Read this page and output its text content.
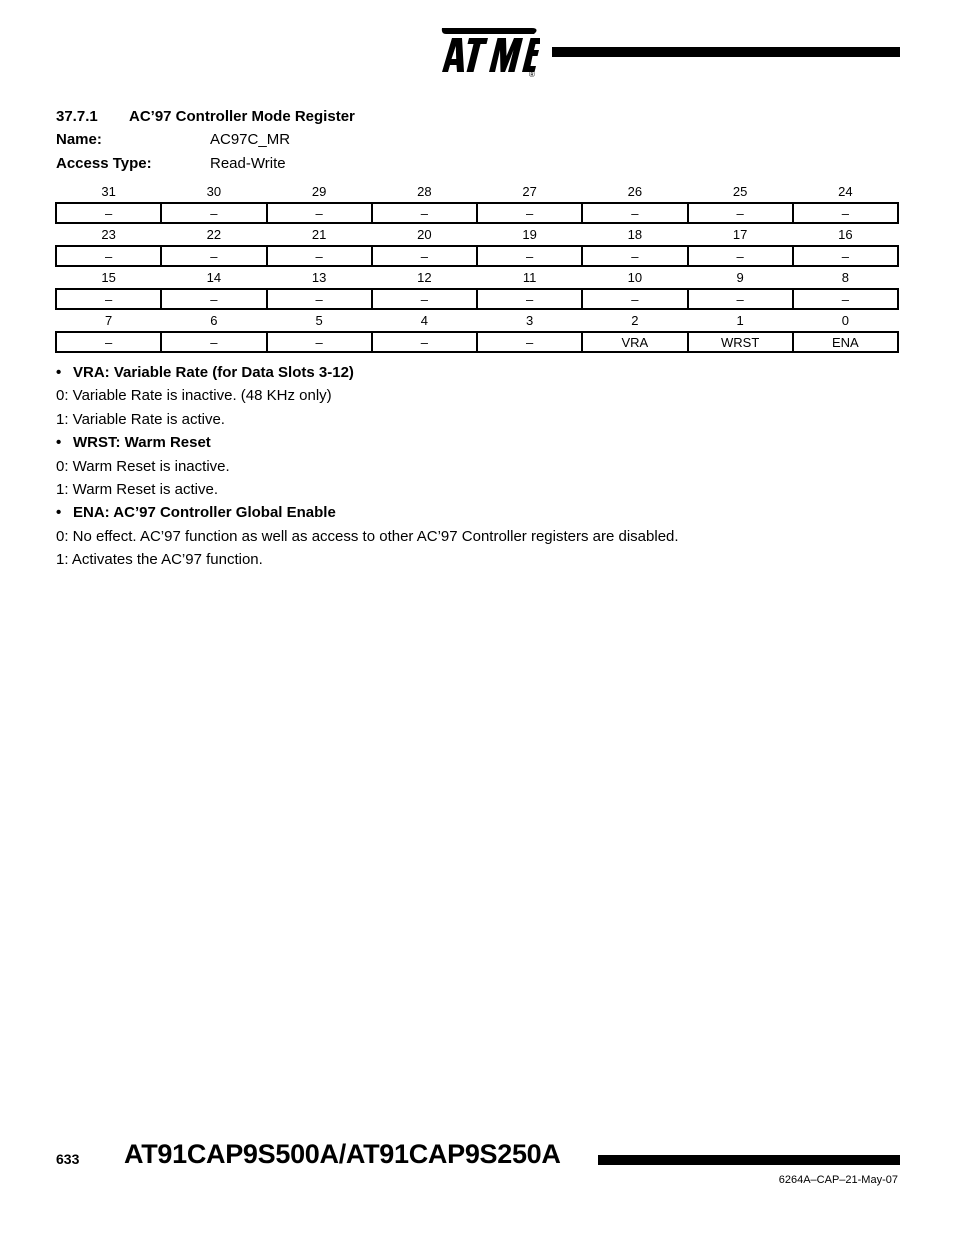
®
37.7.1 AC’97 Controller Mode Register
Name:	AC97C_MR
Access Type:	Read-Write
31	30	29	28	27	26	25	24
–	–	–	–	–	–	–	–
23	22	21	20	19	18	17	16
–	–	–	–	–	–	–	–
15	14	13	12	11	10	9	8
–	–	–	–	–	–	–	–
7	6	5	4	3	2	1	0
–	–	–	–	–	VRA	WRST	ENA

• VRA: Variable Rate (for Data Slots 3-12)

0: Variable Rate is inactive. (48 KHz only)

1: Variable Rate is active.

• WRST: Warm Reset

0: Warm Reset is inactive.

1: Warm Reset is active.

• ENA: AC’97 Controller Global Enable

0: No effect. AC’97 function as well as access to other AC’97 Controller registers are disabled.

1: Activates the AC’97 function.

633 AT91CAP9S500A/AT91CAP9S250A
6264A–CAP–21-May-07
